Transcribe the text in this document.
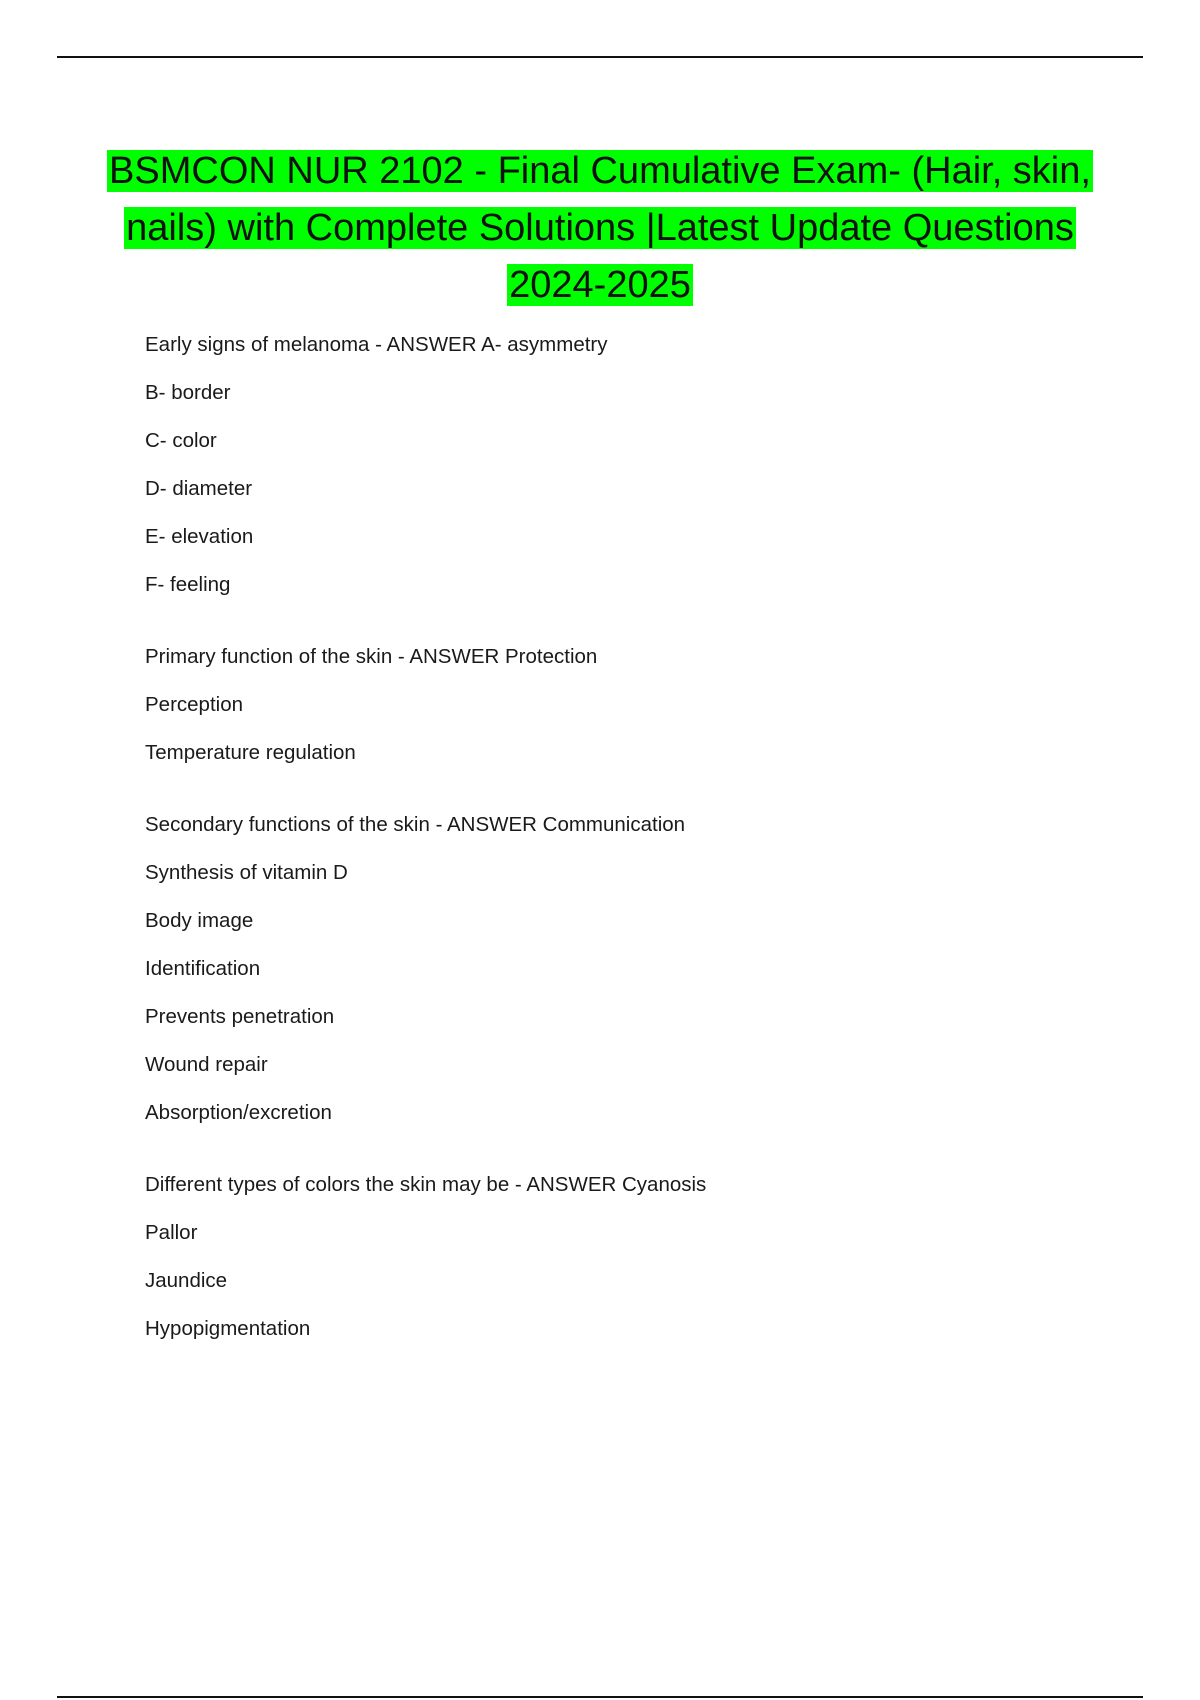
BSMCON NUR 2102 - Final Cumulative Exam- (Hair, skin, nails) with Complete Solutions |Latest Update Questions 2024-2025
Early signs of melanoma - ANSWER A- asymmetry
B- border
C- color
D- diameter
E- elevation
F- feeling
Primary function of the skin - ANSWER Protection
Perception
Temperature regulation
Secondary functions of the skin - ANSWER Communication
Synthesis of vitamin D
Body image
Identification
Prevents penetration
Wound repair
Absorption/excretion
Different types of colors the skin may be - ANSWER Cyanosis
Pallor
Jaundice
Hypopigmentation
